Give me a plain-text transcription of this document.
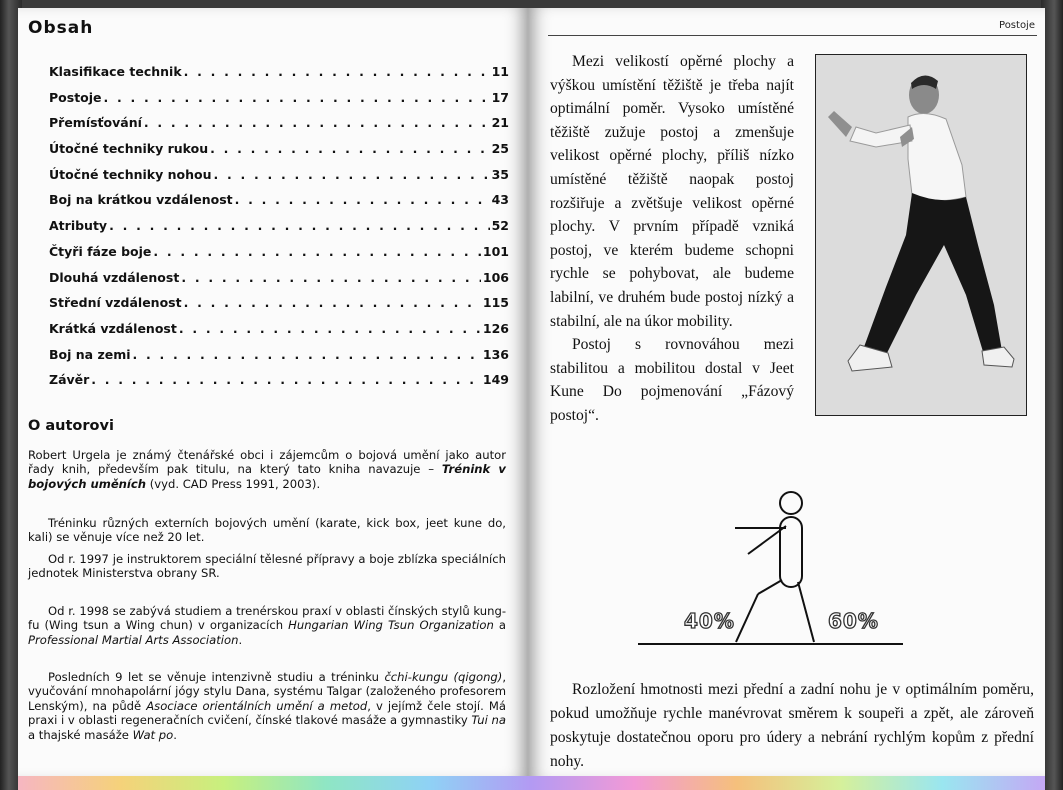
Obsah
Klasifikace technik . . .	11
Postoje . . .	17
Přemísťování . . .	21
Útočné techniky rukou . . .	25
Útočné techniky nohou . . .	35
Boj na krátkou vzdálenost . . .	43
Atributy . . .	52
Čtyři fáze boje . . .	101
Dlouhá vzdálenost . . .	106
Střední vzdálenost . . .	115
Krátká vzdálenost . . .	126
Boj na zemi . . .	136
Závěr . . .	149
O autorovi

Robert Urgela je známý čtenářské obci i zájemcům o bojová umění jako autor řady knih, především pak titulu, na který tato kniha navazuje – Trénink v bojových uměních (vyd. CAD Press 1991, 2003).

Tréninku různých externích bojových umění (karate, kick box, jeet kune do, kali) se věnuje více než 20 let.

Od r. 1997 je instruktorem speciální tělesné přípravy a boje zblízka speciálních jednotek Ministerstva obrany SR.

Od r. 1998 se zabývá studiem a trenérskou praxí v oblasti čínských stylů kung-fu (Wing tsun a Wing chun) v organizacích Hungarian Wing Tsun Organization a Professional Martial Arts Association.

Posledních 9 let se věnuje intenzivně studiu a tréninku čchi-kungu (qigong), vyučování mnohapolární jógy stylu Dana, systému Talgar (založeného profesorem Lenským), na půdě Asociace orientálních umění a metod, v jejímž čele stojí. Má praxi i v oblasti regeneračních cvičení, čínské tlakové masáže a gymnastiky Tui na a thajské masáže Wat po.

Postoje

Mezi velikostí opěrné plochy a výškou umístění těžiště je třeba najít optimální poměr. Vysoko umístěné těžiště zužuje postoj a zmenšuje velikost opěrné plochy, příliš nízko umístěné těžiště naopak postoj rozšiřuje a zvětšuje velikost opěrné plochy. V prvním případě vzniká postoj, ve kterém budeme schopni rychle se pohybovat, ale budeme labilní, ve druhém bude postoj nízký a stabilní, ale na úkor mobility.

Postoj s rovnováhou mezi stabilitou a mobilitou dostal v Jeet Kune Do pojmenování „Fázový postoj“.

40%	60%

Rozložení hmotnosti mezi přední a zadní nohu je v optimálním poměru, pokud umožňuje rychle manévrovat směrem k soupeři a zpět, ale zároveň poskytuje dostatečnou oporu pro údery a nebrání rychlým kopům z přední nohy.
